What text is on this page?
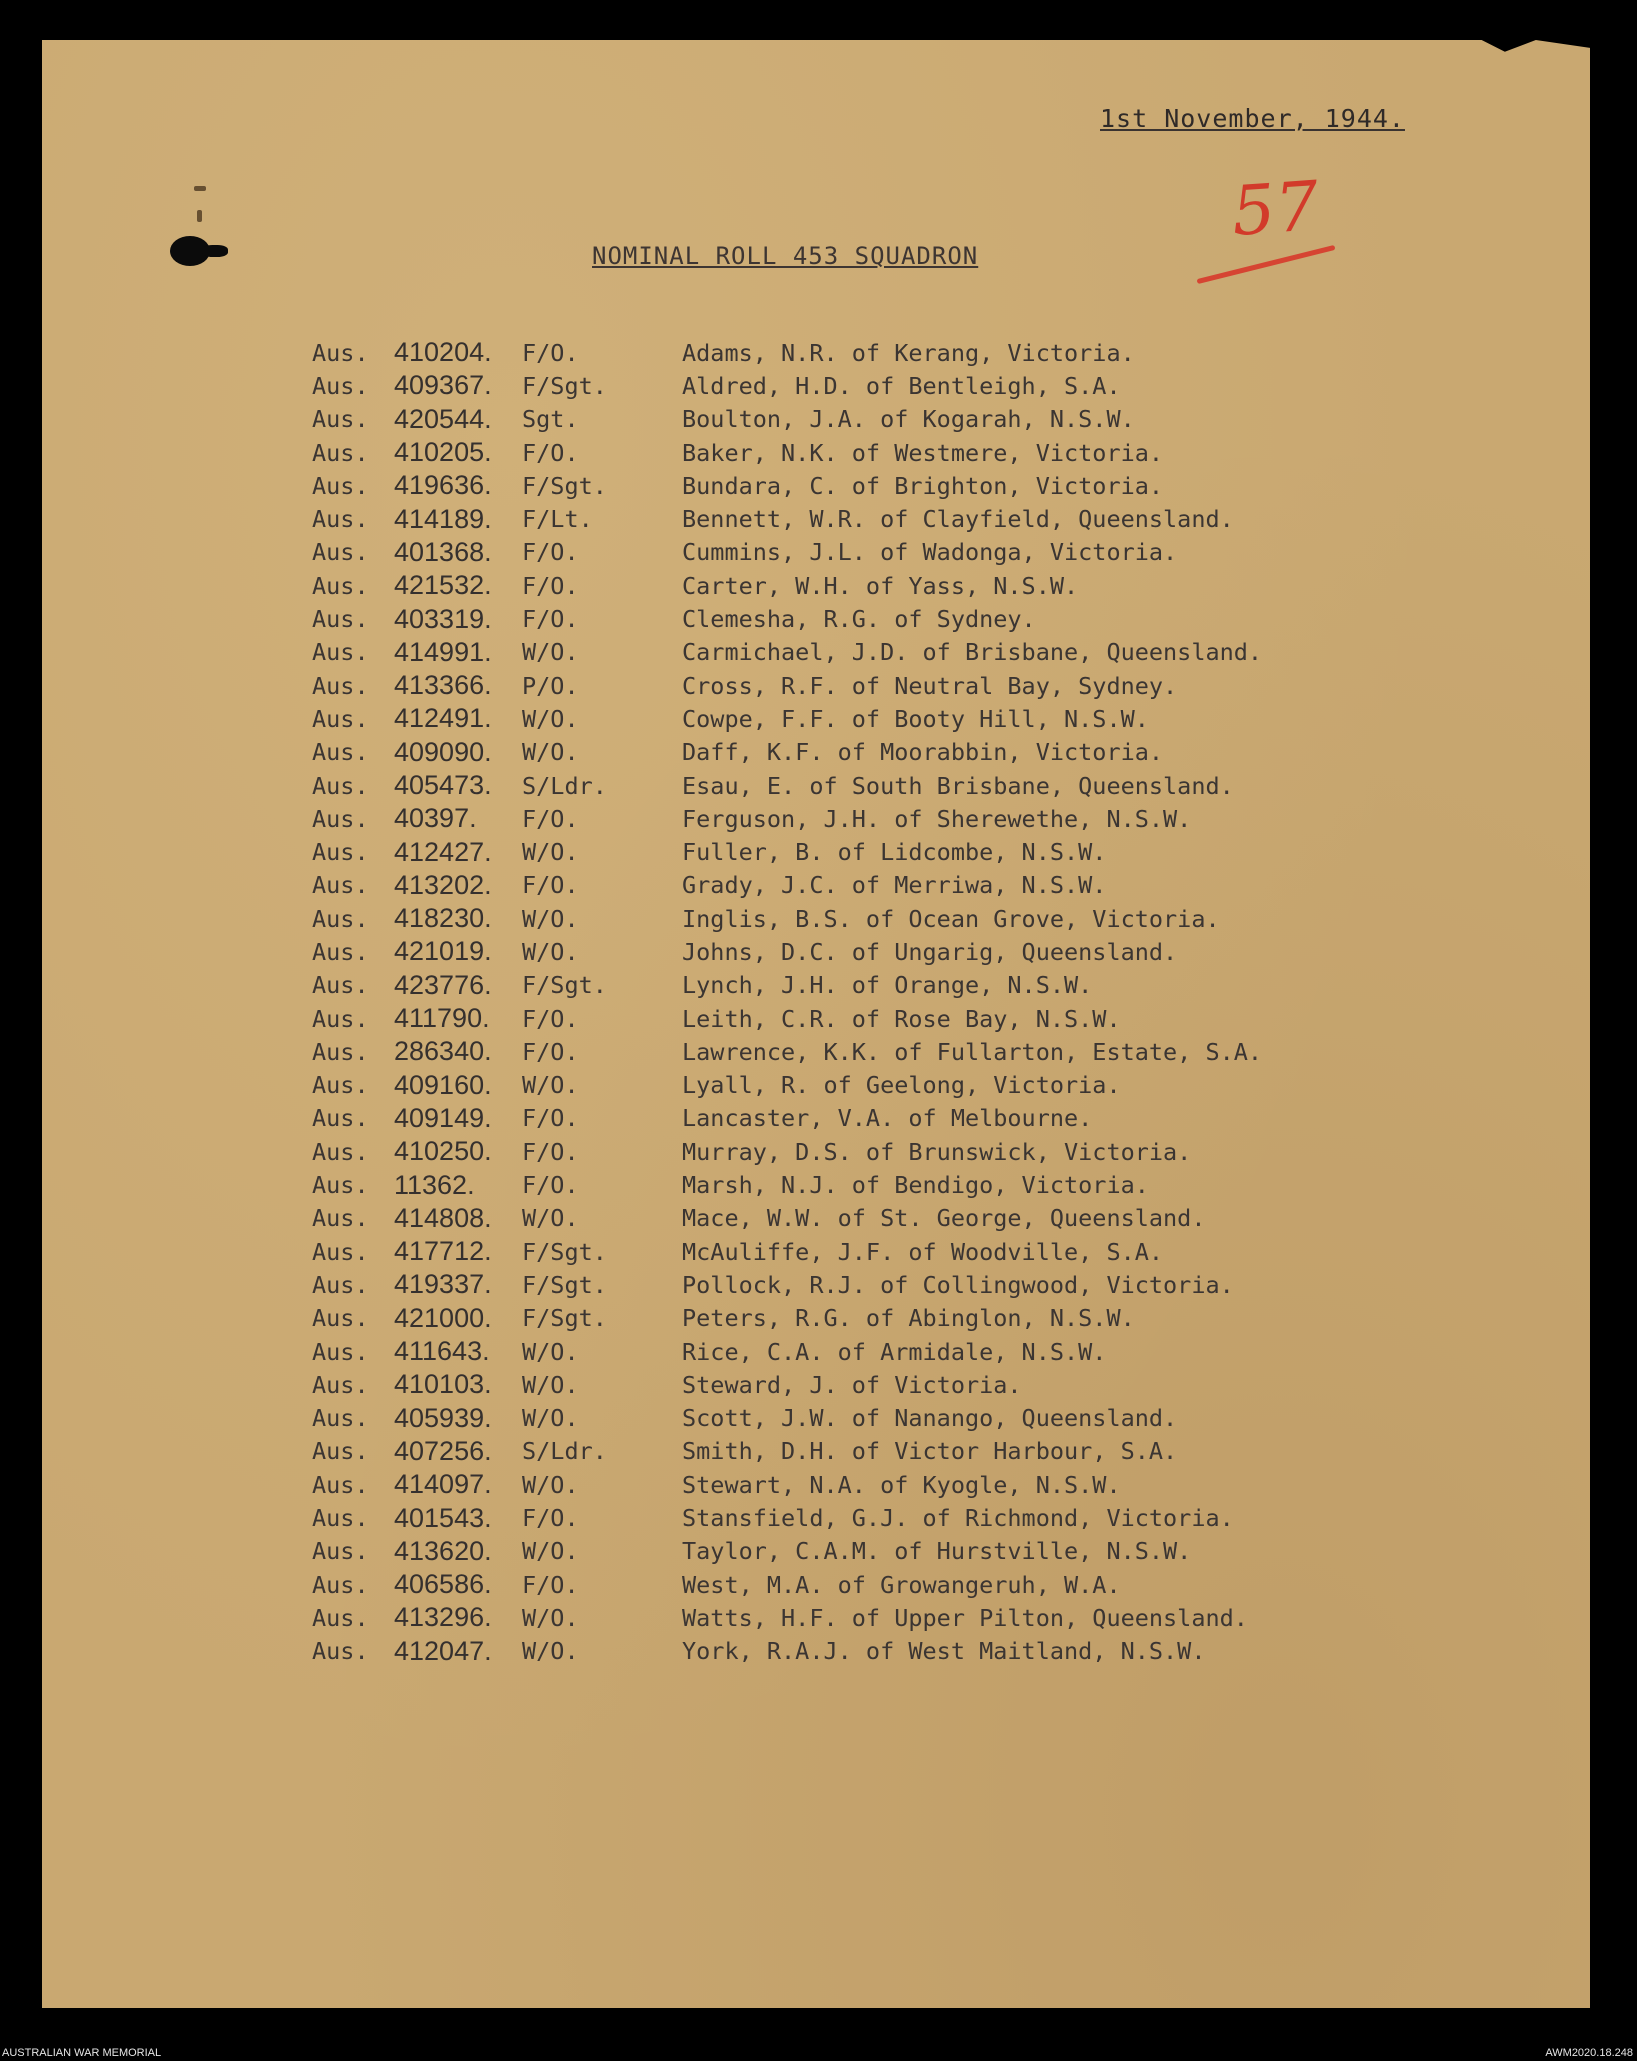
1st November, 1944.
57
NOMINAL ROLL 453 SQUADRON
Aus. 410204.	F/O.	Adams, N.R. of Kerang, Victoria.
Aus. 409367.	F/Sgt.	Aldred, H.D. of Bentleigh, S.A.
Aus. 420544.	Sgt.	Boulton, J.A. of Kogarah, N.S.W.
Aus. 410205.	F/O.	Baker, N.K. of Westmere, Victoria.
Aus. 419636.	F/Sgt.	Bundara, C. of Brighton, Victoria.
Aus. 414189.	F/Lt.	Bennett, W.R. of Clayfield, Queensland.
Aus. 401368.	F/O.	Cummins, J.L. of Wadonga, Victoria.
Aus. 421532.	F/O.	Carter, W.H. of Yass, N.S.W.
Aus. 403319.	F/O.	Clemesha, R.G. of Sydney.
Aus. 414991.	W/O.	Carmichael, J.D. of Brisbane, Queensland.
Aus. 413366.	P/O.	Cross, R.F. of Neutral Bay, Sydney.
Aus. 412491.	W/O.	Cowpe, F.F. of Booty Hill, N.S.W.
Aus. 409090.	W/O.	Daff, K.F. of Moorabbin, Victoria.
Aus. 405473.	S/Ldr.	Esau, E. of South Brisbane, Queensland.
Aus. 40397.	F/O.	Ferguson, J.H. of Sherewethe, N.S.W.
Aus. 412427.	W/O.	Fuller, B. of Lidcombe, N.S.W.
Aus. 413202.	F/O.	Grady, J.C. of Merriwa, N.S.W.
Aus. 418230.	W/O.	Inglis, B.S. of Ocean Grove, Victoria.
Aus. 421019.	W/O.	Johns, D.C. of Ungarig, Queensland.
Aus. 423776.	F/Sgt.	Lynch, J.H. of Orange, N.S.W.
Aus. 411790.	F/O.	Leith, C.R. of Rose Bay, N.S.W.
Aus. 286340.	F/O.	Lawrence, K.K. of Fullarton, Estate, S.A.
Aus. 409160.	W/O.	Lyall, R. of Geelong, Victoria.
Aus. 409149.	F/O.	Lancaster, V.A. of Melbourne.
Aus. 410250.	F/O.	Murray, D.S. of Brunswick, Victoria.
Aus. 11362.	F/O.	Marsh, N.J. of Bendigo, Victoria.
Aus. 414808.	W/O.	Mace, W.W. of St. George, Queensland.
Aus. 417712.	F/Sgt.	McAuliffe, J.F. of Woodville, S.A.
Aus. 419337.	F/Sgt.	Pollock, R.J. of Collingwood, Victoria.
Aus. 421000.	F/Sgt.	Peters, R.G. of Abinglon, N.S.W.
Aus. 411643.	W/O.	Rice, C.A. of Armidale, N.S.W.
Aus. 410103.	W/O.	Steward, J. of Victoria.
Aus. 405939.	W/O.	Scott, J.W. of Nanango, Queensland.
Aus. 407256.	S/Ldr.	Smith, D.H. of Victor Harbour, S.A.
Aus. 414097.	W/O.	Stewart, N.A. of Kyogle, N.S.W.
Aus. 401543.	F/O.	Stansfield, G.J. of Richmond, Victoria.
Aus. 413620.	W/O.	Taylor, C.A.M. of Hurstville, N.S.W.
Aus. 406586.	F/O.	West, M.A. of Growangeruh, W.A.
Aus. 413296.	W/O.	Watts, H.F. of Upper Pilton, Queensland.
Aus. 412047.	W/O.	York, R.A.J. of West Maitland, N.S.W.
AUSTRALIAN WAR MEMORIAL	AWM2020.18.248
